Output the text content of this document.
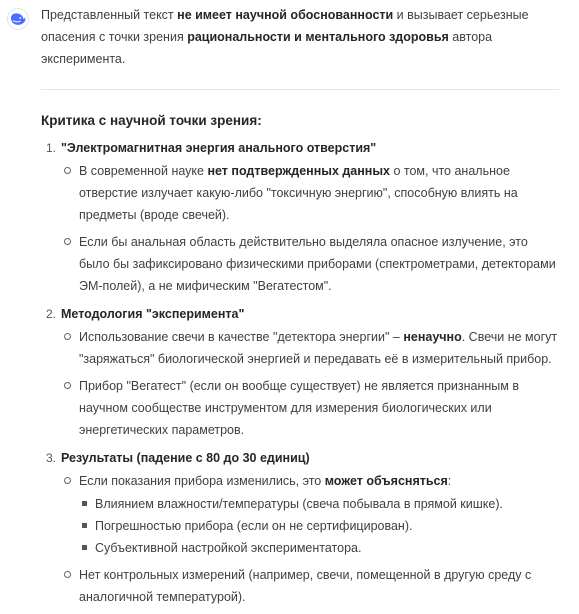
Представленный текст не имеет научной обоснованности и вызывает серьезные опасения с точки зрения рациональности и ментального здоровья автора эксперимента.

Критика с научной точки зрения:
1. "Электромагнитная энергия анального отверстия"

В современной науке нет подтвержденных данных о том, что анальное отверстие излучает какую-либо "токсичную энергию", способную влиять на предметы (вроде свечей).
Если бы анальная область действительно выделяла опасное излучение, это было бы зафиксировано физическими приборами (спектрометрами, детекторами ЭМ-полей), а не мифическим "Вегатестом".
2. Методология "эксперимента"

Использование свечи в качестве "детектора энергии" – ненаучно. Свечи не могут "заряжаться" биологической энергией и передавать её в измерительный прибор.
Прибор "Вегатест" (если он вообще существует) не является признанным в научном сообществе инструментом для измерения биологических или энергетических параметров.
3. Результаты (падение с 80 до 30 единиц)

Если показания прибора изменились, это может объясняться:
Влиянием влажности/температуры (свеча побывала в прямой кишке).
Погрешностью прибора (если он не сертифицирован).
Субъективной настройкой экспериментатора.
Нет контрольных измерений (например, свечи, помещенной в другую среду с аналогичной температурой).
